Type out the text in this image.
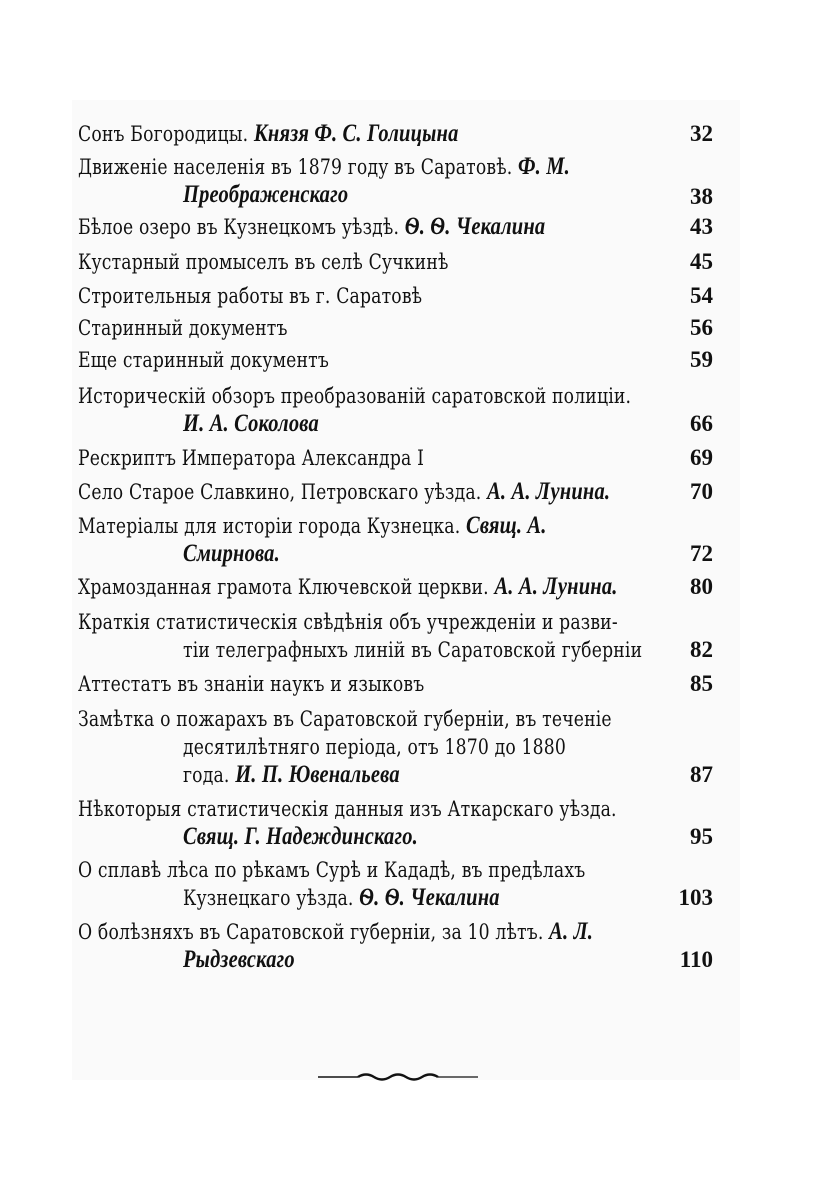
Сонъ Богородицы. Князя Ф. С. Голицына	32
Движеніе населенія въ 1879 году въ Саратовѣ. Ф. М.
Преображенскаго	38
Бѣлое озеро въ Кузнецкомъ уѣздѣ. Ѳ. Ѳ. Чекалина	43
Кустарный промыселъ въ селѣ Сучкинѣ	45
Строительныя работы въ г. Саратовѣ	54
Старинный документъ	56
Еще старинный документъ	59
Историческій обзоръ преобразованій саратовской полиціи.
И. А. Соколова	66
Рескриптъ Императора Александра I	69
Село Старое Славкино, Петровскаго уѣзда. А. А. Лунина.	70
Матеріалы для исторіи города Кузнецка. Свящ. А.
Смирнова.	72
Храмозданная грамота Ключевской церкви. А. А. Лунина.	80
Краткія статистическія свѣдѣнія объ учрежденіи и разви-
тіи телеграфныхъ линій въ Саратовской губерніи	82
Аттестатъ въ знаніи наукъ и языковъ	85
Замѣтка о пожарахъ въ Саратовской губерніи, въ теченіе
десятилѣтняго періода, отъ 1870 до 1880
года. И. П. Ювенальева	87
Нѣкоторыя статистическія данныя изъ Аткарскаго уѣзда.
Свящ. Г. Надеждинскаго.	95
О сплавѣ лѣса по рѣкамъ Сурѣ и Кададѣ, въ предѣлахъ
Кузнецкаго уѣзда. Ѳ. Ѳ. Чекалина	103
О болѣзняхъ въ Саратовской губерніи, за 10 лѣтъ. А. Л.
Рыдзевскаго	110
